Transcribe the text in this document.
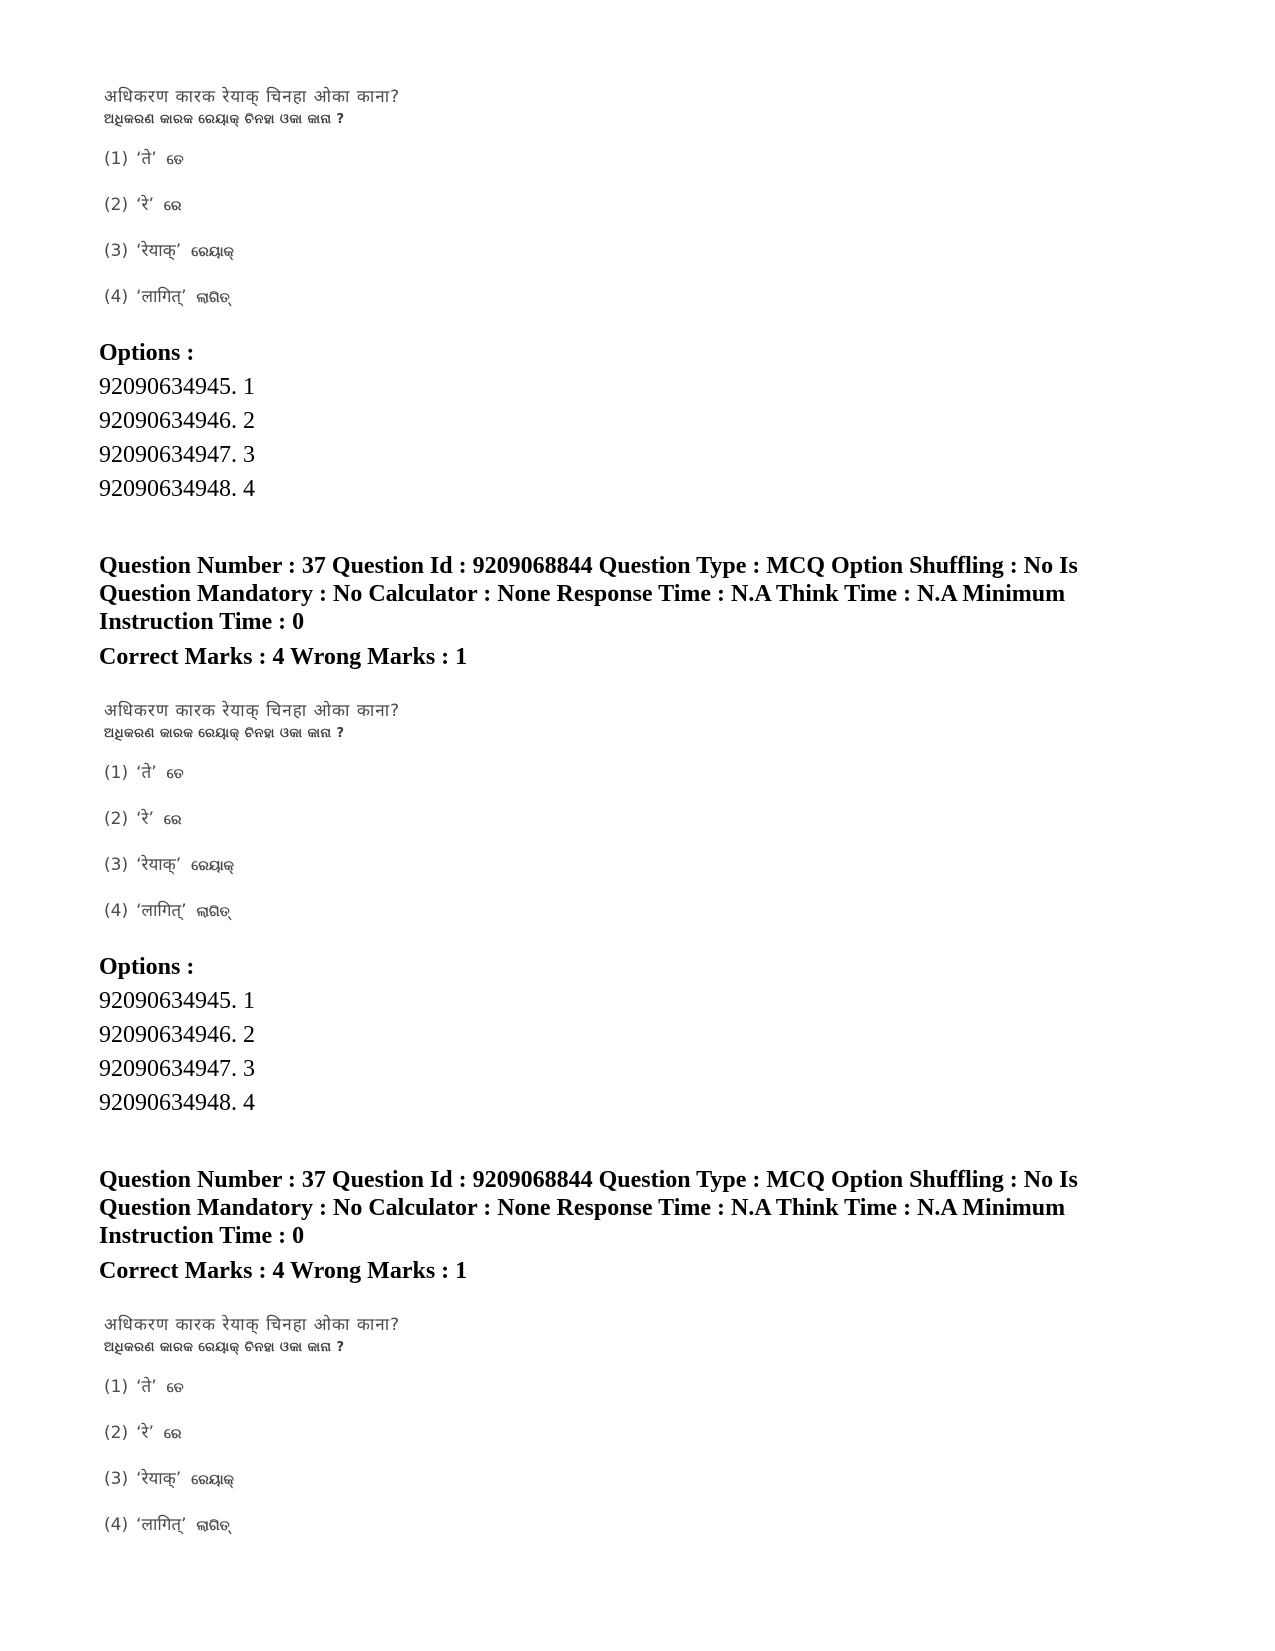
अधिकरण कारक रेयाक् चिनहा ओका काना?
ଅଧିକରଣ କାରକ ରେୟାକ୍ ଚିନହା ଓକା କାନା ?
(1) ‘ते’ ତେ
(2) ‘रे’ ରେ
(3) ‘रेयाक्’ ରେୟାକ୍
(4) ‘लागित्’ ଲାଗିତ୍
Options :
92090634945. 1
92090634946. 2
92090634947. 3
92090634948. 4
Question Number : 37 Question Id : 9209068844 Question Type : MCQ Option Shuffling : No Is
Question Mandatory : No Calculator : None Response Time : N.A Think Time : N.A Minimum
Instruction Time : 0
Correct Marks : 4 Wrong Marks : 1
अधिकरण कारक रेयाक् चिनहा ओका काना?
ଅଧିକରଣ କାରକ ରେୟାକ୍ ଚିନହା ଓକା କାନା ?
(1) ‘ते’ ତେ
(2) ‘रे’ ରେ
(3) ‘रेयाक्’ ରେୟାକ୍
(4) ‘लागित्’ ଲାଗିତ୍
Options :
92090634945. 1
92090634946. 2
92090634947. 3
92090634948. 4
Question Number : 37 Question Id : 9209068844 Question Type : MCQ Option Shuffling : No Is
Question Mandatory : No Calculator : None Response Time : N.A Think Time : N.A Minimum
Instruction Time : 0
Correct Marks : 4 Wrong Marks : 1
अधिकरण कारक रेयाक् चिनहा ओका काना?
ଅଧିକରଣ କାରକ ରେୟାକ୍ ଚିନହା ଓକା କାନା ?
(1) ‘ते’ ତେ
(2) ‘रे’ ରେ
(3) ‘रेयाक्’ ରେୟାକ୍
(4) ‘लागित्’ ଲାଗିତ୍
